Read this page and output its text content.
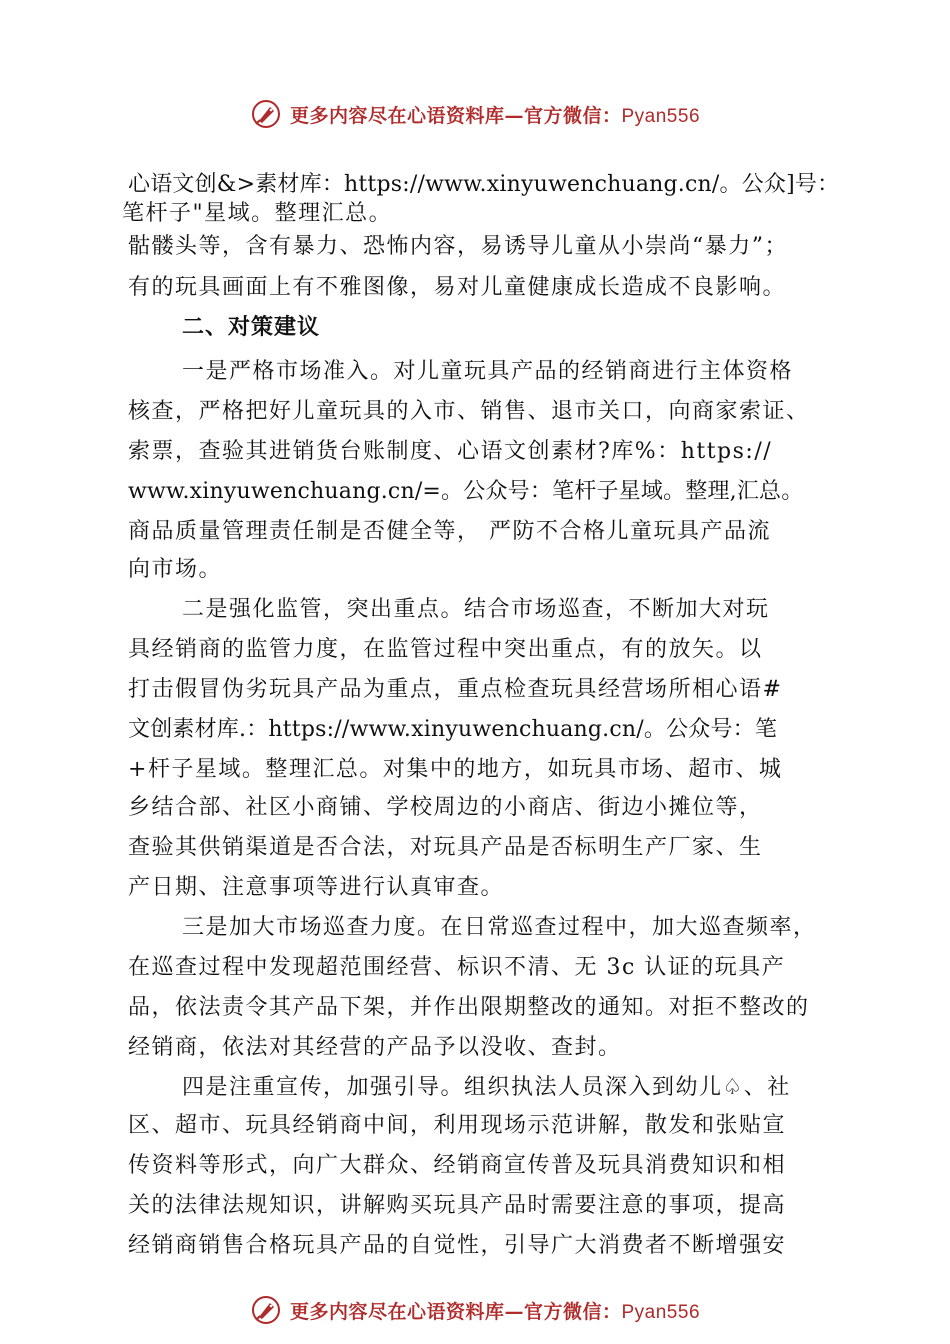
更多内容尽在心语资料库—官方微信：Pyan556
心语文创&>素材库：https://www.xinyuwenchuang.cn/。公众]号：
笔杆子"星域。整理汇总。
骷髅头等，含有暴力、恐怖内容，易诱导儿童从小崇尚“暴力”；
有的玩具画面上有不雅图像，易对儿童健康成长造成不良影响。
二、对策建议
一是严格市场准入。对儿童玩具产品的经销商进行主体资格
核查，严格把好儿童玩具的入市、销售、退市关口，向商家索证、
索票，查验其进销货台账制度、心语文创素材?库%：https://
www.xinyuwenchuang.cn/=。公众号：笔杆子星域。整理,汇总。
商品质量管理责任制是否健全等， 严防不合格儿童玩具产品流
向市场。
二是强化监管，突出重点。结合市场巡查，不断加大对玩
具经销商的监管力度，在监管过程中突出重点，有的放矢。以
打击假冒伪劣玩具产品为重点，重点检查玩具经营场所相心语#
文创素材库.：https://www.xinyuwenchuang.cn/。公众号：笔
+杆子星域。整理汇总。对集中的地方，如玩具市场、超市、城
乡结合部、社区小商铺、学校周边的小商店、街边小摊位等，
查验其供销渠道是否合法，对玩具产品是否标明生产厂家、生
产日期、注意事项等进行认真审查。
三是加大市场巡查力度。在日常巡查过程中，加大巡查频率，
在巡查过程中发现超范围经营、标识不清、无 3c 认证的玩具产
品，依法责令其产品下架，并作出限期整改的通知。对拒不整改的
经销商，依法对其经营的产品予以没收、查封。
四是注重宣传，加强引导。组织执法人员深入到幼儿♤、社
区、超市、玩具经销商中间，利用现场示范讲解，散发和张贴宣
传资料等形式，向广大群众、经销商宣传普及玩具消费知识和相
关的法律法规知识，讲解购买玩具产品时需要注意的事项，提高
经销商销售合格玩具产品的自觉性，引导广大消费者不断增强安
更多内容尽在心语资料库—官方微信：Pyan556
